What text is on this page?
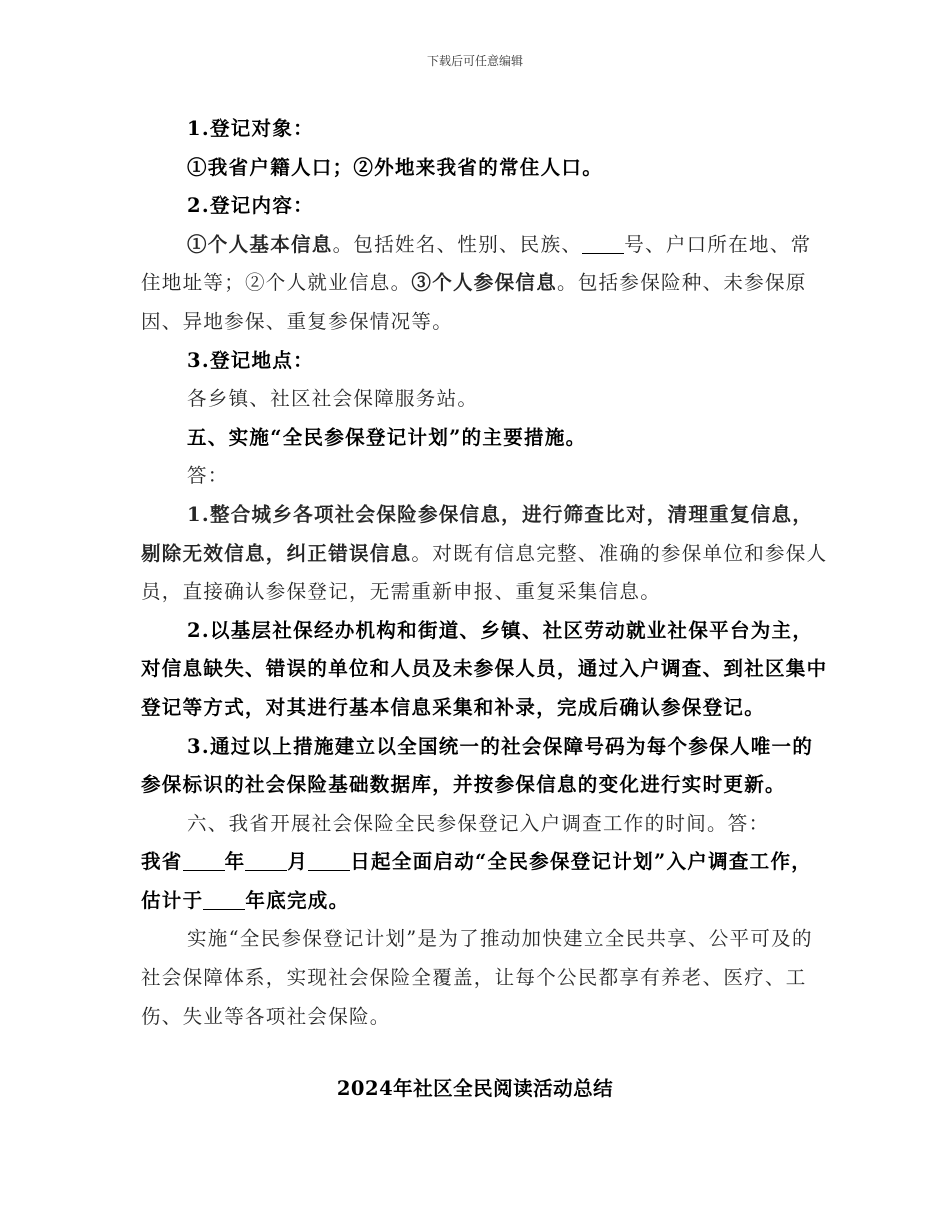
下载后可任意编辑

1.登记对象：

①我省户籍人口；②外地来我省的常住人口。

2.登记内容：

①个人基本信息。包括姓名、性别、民族、 号、户口所在地、常住地址等；②个人就业信息。③个人参保信息。包括参保险种、未参保原因、异地参保、重复参保情况等。

3.登记地点：

各乡镇、社区社会保障服务站。

五、实施“全民参保登记计划”的主要措施。

答：

1.整合城乡各项社会保险参保信息，进行筛查比对，清理重复信息，剔除无效信息，纠正错误信息。对既有信息完整、准确的参保单位和参保人员，直接确认参保登记，无需重新申报、重复采集信息。

2.以基层社保经办机构和街道、乡镇、社区劳动就业社保平台为主，对信息缺失、错误的单位和人员及未参保人员，通过入户调查、到社区集中登记等方式，对其进行基本信息采集和补录，完成后确认参保登记。

3.通过以上措施建立以全国统一的社会保障号码为每个参保人唯一的参保标识的社会保险基础数据库，并按参保信息的变化进行实时更新。

六、我省开展社会保险全民参保登记入户调查工作的时间。答：

我省 年 月 日起全面启动“全民参保登记计划”入户调查工作，估计于 年底完成。

实施“全民参保登记计划”是为了推动加快建立全民共享、公平可及的社会保障体系，实现社会保险全覆盖，让每个公民都享有养老、医疗、工伤、失业等各项社会保险。

2024年社区全民阅读活动总结
